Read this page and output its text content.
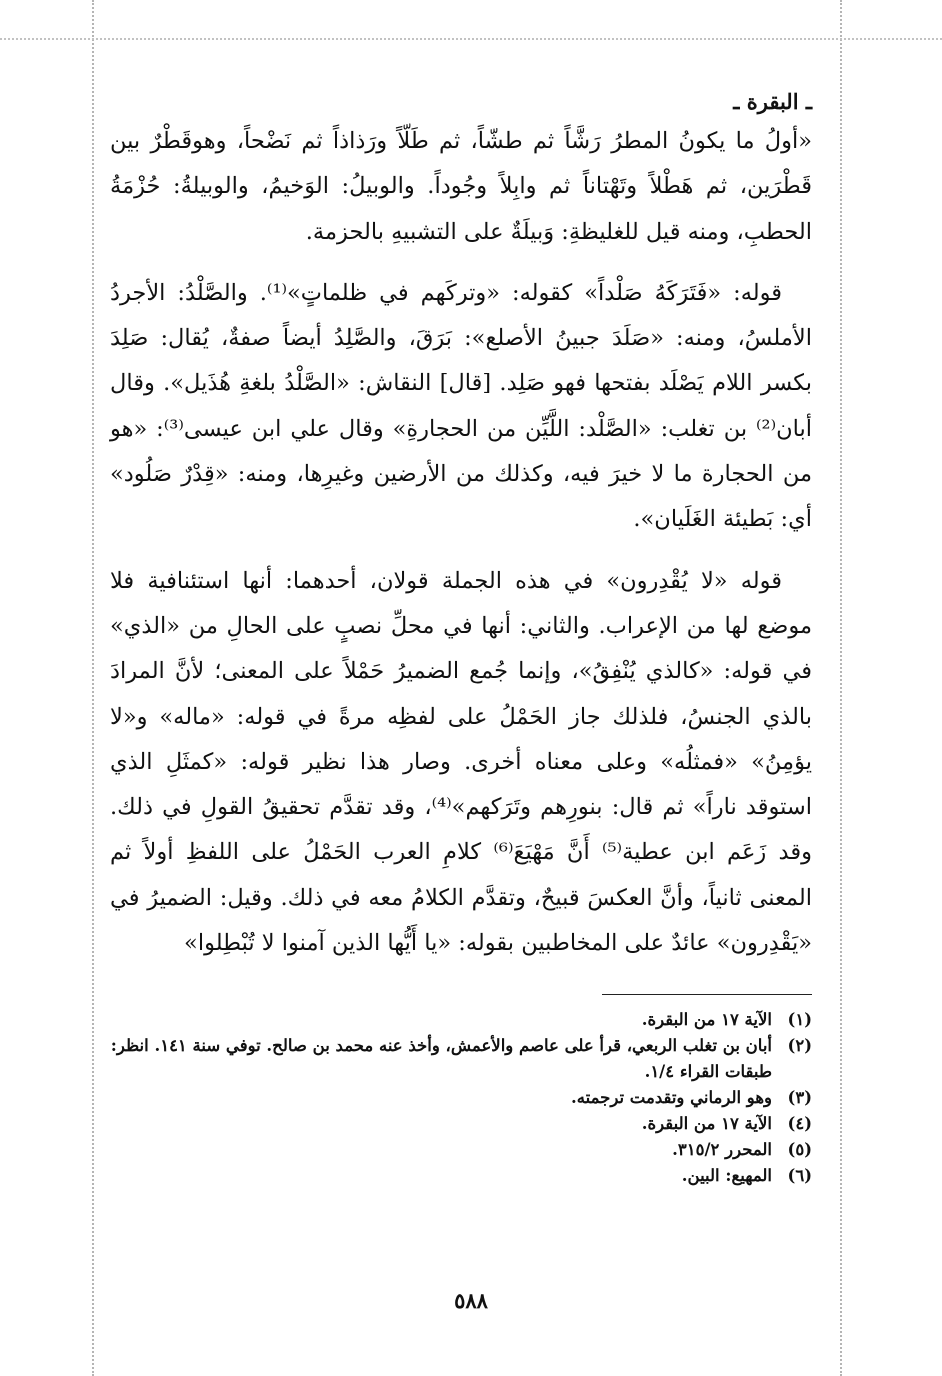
ـ البقرة ـ

«أولُ ما يكونُ المطرُ رَشَّاً ثم طشّاً، ثم طَلّاً ورَذاذاً ثم نَضْحاً، وهوقَطْرٌ بين قَطْرَين، ثم هَطْلاً وتَهْتاناً ثم وابِلاً وجُوداً. والوبيلُ: الوَخيمُ، والوبيلةُ: حُزْمَةُ الحطبِ، ومنه قيل للغليظةِ: وَبيلَةٌ على التشبيهِ بالحزمة.

قوله: «فَتَرَكَهُ صَلْداً» كقوله: «وتركَهم في ظلماتٍ»⁽¹⁾. والصَّلْدُ: الأجردُ الأملسُ، ومنه: «صَلَدَ جبينُ الأصلع»: بَرَقَ، والصَّلِدُ أيضاً صفةٌ، يُقال: صَلِدَ بكسر اللام يَصْلَد بفتحها فهو صَلِد. [قال] النقاش: «الصَّلْدُ بلغةِ هُذَيل». وقال أبان⁽²⁾ بن تغلب: «الصَّلْد: اللَّيِّن من الحجارةِ» وقال علي ابن عيسى⁽³⁾: «هو من الحجارة ما لا خيرَ فيه، وكذلك من الأرضين وغيرِها، ومنه: «قِدْرٌ صَلُود» أي: بَطيئة الغَلَيان».

قوله «لا يُقْدِرون» في هذه الجملة قولان، أحدهما: أنها استئنافية فلا موضع لها من الإعراب. والثاني: أنها في محلِّ نصبٍ على الحالِ من «الذي» في قوله: «كالذي يُنْفِقُ»، وإنما جُمع الضميرُ حَمْلاً على المعنى؛ لأنَّ المرادَ بالذي الجنسُ، فلذلك جاز الحَمْلُ على لفظِه مرةً في قوله: «ماله» و«لا يؤمِنُ» «فمثلُه» وعلى معناه أخرى. وصار هذا نظير قوله: «كمثَلِ الذي استوقد ناراً» ثم قال: بنورِهم وتَرَكهم»⁽⁴⁾، وقد تقدَّم تحقيقُ القولِ في ذلك. وقد زَعَم ابن عطية⁽⁵⁾ أَنَّ مَهْيَعَ⁽⁶⁾ كلامِ العرب الحَمْلُ على اللفظِ أولاً ثم المعنى ثانياً، وأنَّ العكسَ قبيحٌ، وتقدَّم الكلامُ معه في ذلك. وقيل: الضميرُ في «يَقْدِرون» عائدٌ على المخاطبين بقوله: «يا أَيُّها الذين آمنوا لا تُبْطِلوا»

(١)
الآية ١٧ من البقرة.
(٢)
أبان بن تغلب الربعي، قرأ على عاصم والأعمش، وأخذ عنه محمد بن صالح. توفي سنة ١٤١. انظر: طبقات القراء ١/٤.
(٣)
وهو الرماني وتقدمت ترجمته.
(٤)
الآية ١٧ من البقرة.
(٥)
المحرر ٣١٥/٢.
(٦)
المهيع: البين.
٥٨٨
